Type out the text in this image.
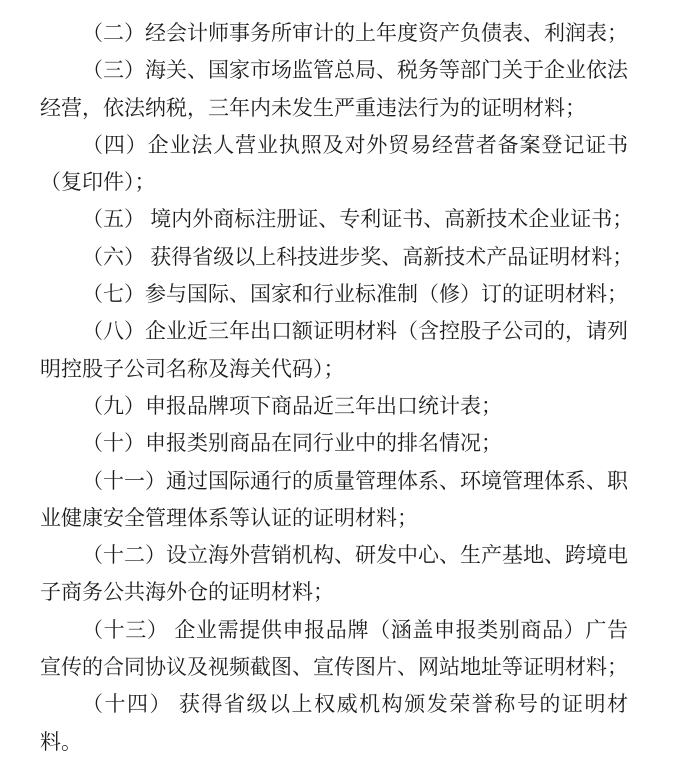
（二）经会计师事务所审计的上年度资产负债表、利润表；

（三）海关、国家市场监管总局、税务等部门关于企业依法经营，依法纳税，三年内未发生严重违法行为的证明材料；

（四）企业法人营业执照及对外贸易经营者备案登记证书（复印件）；

（五） 境内外商标注册证、专利证书、高新技术企业证书；

（六） 获得省级以上科技进步奖、高新技术产品证明材料；

（七）参与国际、国家和行业标准制（修）订的证明材料；

（八）企业近三年出口额证明材料（含控股子公司的，请列明控股子公司名称及海关代码）；

（九）申报品牌项下商品近三年出口统计表；

（十）申报类别商品在同行业中的排名情况；

（十一）通过国际通行的质量管理体系、环境管理体系、职业健康安全管理体系等认证的证明材料；

（十二）设立海外营销机构、研发中心、生产基地、跨境电子商务公共海外仓的证明材料；

（十三） 企业需提供申报品牌（涵盖申报类别商品）广告宣传的合同协议及视频截图、宣传图片、网站地址等证明材料；

（十四） 获得省级以上权威机构颁发荣誉称号的证明材料。
